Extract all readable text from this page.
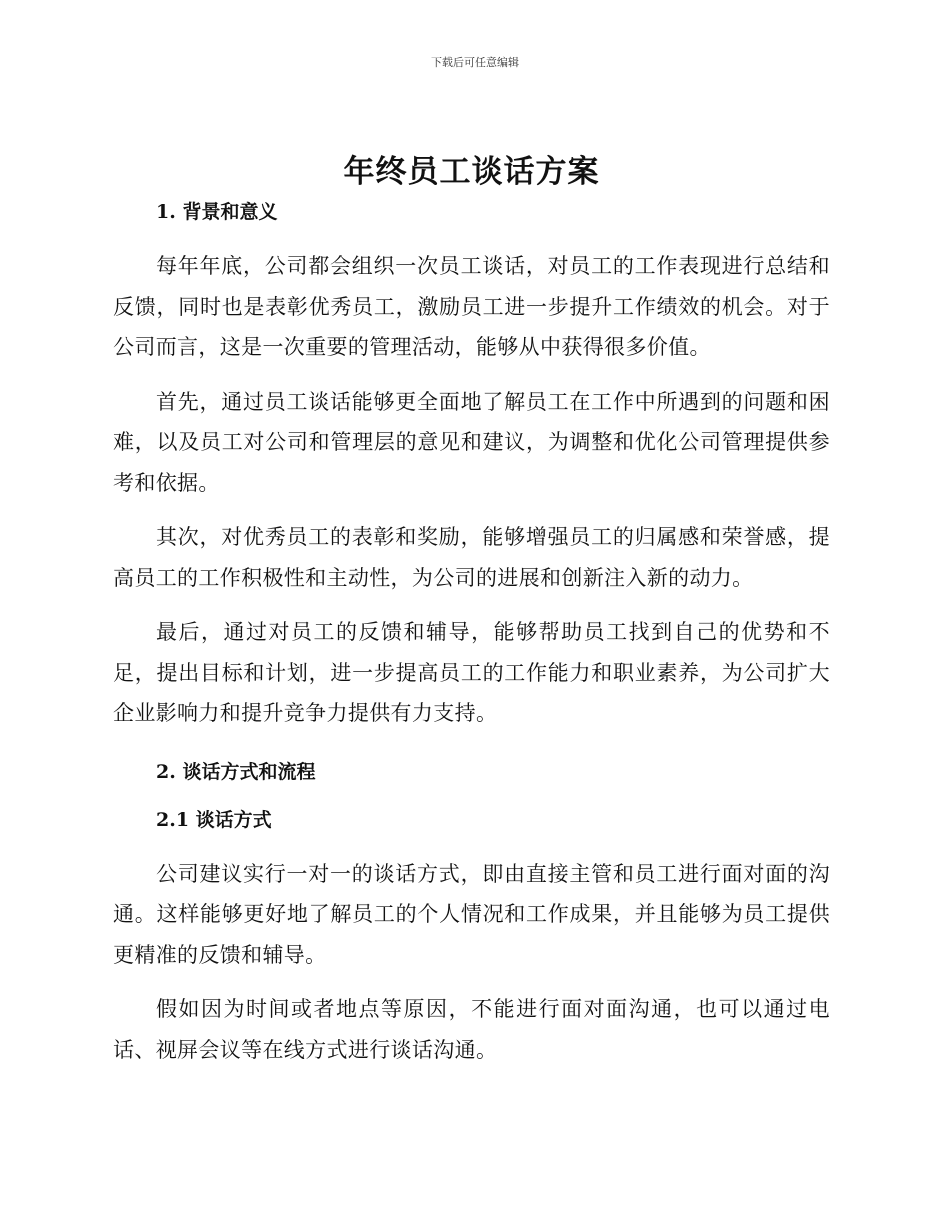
下载后可任意编辑
年终员工谈话方案
1. 背景和意义

每年年底，公司都会组织一次员工谈话，对员工的工作表现进行总结和反馈，同时也是表彰优秀员工，激励员工进一步提升工作绩效的机会。对于公司而言，这是一次重要的管理活动，能够从中获得很多价值。

首先，通过员工谈话能够更全面地了解员工在工作中所遇到的问题和困难，以及员工对公司和管理层的意见和建议，为调整和优化公司管理提供参考和依据。

其次，对优秀员工的表彰和奖励，能够增强员工的归属感和荣誉感，提高员工的工作积极性和主动性，为公司的进展和创新注入新的动力。

最后，通过对员工的反馈和辅导，能够帮助员工找到自己的优势和不足，提出目标和计划，进一步提高员工的工作能力和职业素养，为公司扩大企业影响力和提升竞争力提供有力支持。

2. 谈话方式和流程
2.1 谈话方式

公司建议实行一对一的谈话方式，即由直接主管和员工进行面对面的沟通。这样能够更好地了解员工的个人情况和工作成果，并且能够为员工提供更精准的反馈和辅导。

假如因为时间或者地点等原因，不能进行面对面沟通，也可以通过电话、视屏会议等在线方式进行谈话沟通。
